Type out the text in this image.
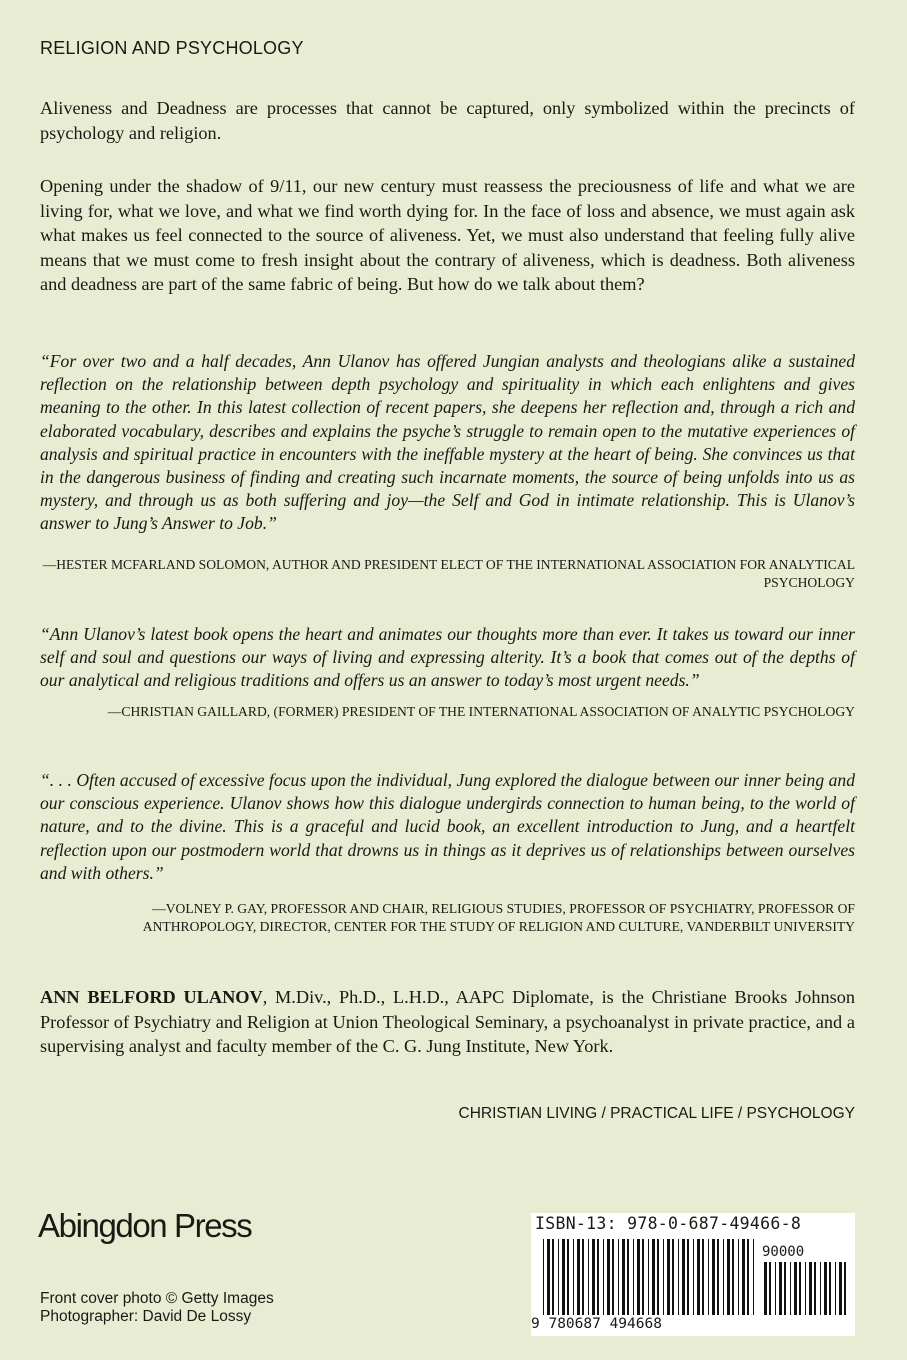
RELIGION AND PSYCHOLOGY

Aliveness and Deadness are processes that cannot be captured, only symbolized within the precincts of psychology and religion.

Opening under the shadow of 9/11, our new century must reassess the preciousness of life and what we are living for, what we love, and what we find worth dying for. In the face of loss and absence, we must again ask what makes us feel connected to the source of aliveness. Yet, we must also understand that feeling fully alive means that we must come to fresh insight about the contrary of aliveness, which is deadness. Both aliveness and deadness are part of the same fabric of being. But how do we talk about them?

“For over two and a half decades, Ann Ulanov has offered Jungian analysts and theologians alike a sustained reflection on the relationship between depth psychology and spirituality in which each enlightens and gives meaning to the other. In this latest collection of recent papers, she deepens her reflection and, through a rich and elaborated vocabulary, describes and explains the psyche’s struggle to remain open to the mutative experiences of analysis and spiritual practice in encounters with the ineffable mystery at the heart of being. She convinces us that in the dangerous business of finding and creating such incarnate moments, the source of being unfolds into us as mystery, and through us as both suffering and joy—the Self and God in intimate relationship. This is Ulanov’s answer to Jung’s Answer to Job.”

—HESTER MCFARLAND SOLOMON, AUTHOR AND PRESIDENT ELECT OF THE INTERNATIONAL ASSOCIATION FOR ANALYTICAL PSYCHOLOGY

“Ann Ulanov’s latest book opens the heart and animates our thoughts more than ever. It takes us toward our inner self and soul and questions our ways of living and expressing alterity. It’s a book that comes out of the depths of our analytical and religious traditions and offers us an answer to today’s most urgent needs.”

—CHRISTIAN GAILLARD, (FORMER) PRESIDENT OF THE INTERNATIONAL ASSOCIATION OF ANALYTIC PSYCHOLOGY

“. . . Often accused of excessive focus upon the individual, Jung explored the dialogue between our inner being and our conscious experience. Ulanov shows how this dialogue undergirds connection to human being, to the world of nature, and to the divine. This is a graceful and lucid book, an excellent introduction to Jung, and a heartfelt reflection upon our postmodern world that drowns us in things as it deprives us of relationships between ourselves and with others.”

—VOLNEY P. GAY, PROFESSOR AND CHAIR, RELIGIOUS STUDIES, PROFESSOR OF PSYCHIATRY, PROFESSOR OF ANTHROPOLOGY, DIRECTOR, CENTER FOR THE STUDY OF RELIGION AND CULTURE, VANDERBILT UNIVERSITY

ANN BELFORD ULANOV, M.Div., Ph.D., L.H.D., AAPC Diplomate, is the Christiane Brooks Johnson Professor of Psychiatry and Religion at Union Theological Seminary, a psychoanalyst in private practice, and a supervising analyst and faculty member of the C. G. Jung Institute, New York.

CHRISTIAN LIVING / PRACTICAL LIFE / PSYCHOLOGY
Abingdon Press
Front cover photo © Getty Images
Photographer: David De Lossy
ISBN-13: 978-0-687-49466-8
90000
9 780687 494668
